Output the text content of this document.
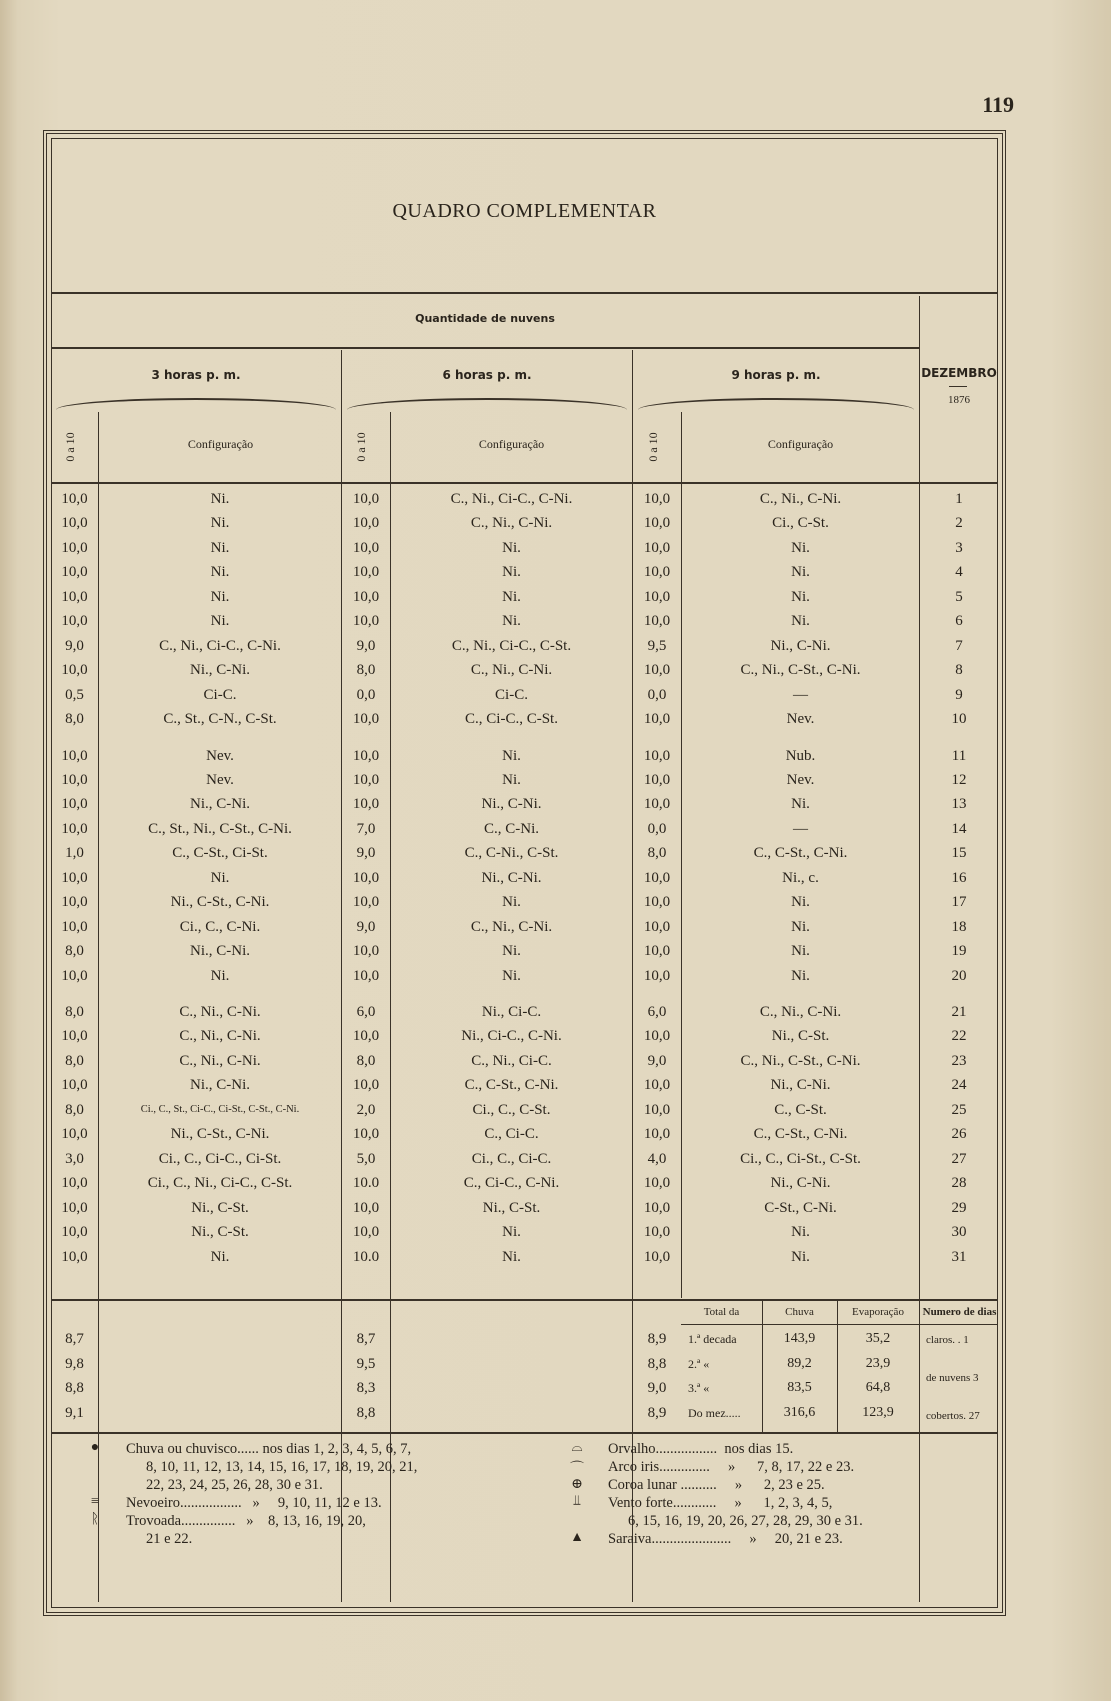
119
QUADRO COMPLEMENTAR
Quantidade de nuvens
3 horas p. m.	6 horas p. m.	9 horas p. m.	DEZEMBRO
1876
0 a 10	Configuração	0 a 10	Configuração	0 a 10	Configuração
10,0	Ni.	10,0	C., Ni., Ci-C., C-Ni.	10,0	C., Ni., C-Ni.	1
10,0	Ni.	10,0	C., Ni., C-Ni.	10,0	Ci., C-St.	2
10,0	Ni.	10,0	Ni.	10,0	Ni.	3
10,0	Ni.	10,0	Ni.	10,0	Ni.	4
10,0	Ni.	10,0	Ni.	10,0	Ni.	5
10,0	Ni.	10,0	Ni.	10,0	Ni.	6
9,0	C., Ni., Ci-C., C-Ni.	9,0	C., Ni., Ci-C., C-St.	9,5	Ni., C-Ni.	7
10,0	Ni., C-Ni.	8,0	C., Ni., C-Ni.	10,0	C., Ni., C-St., C-Ni.	8
0,5	Ci-C.	0,0	Ci-C.	0,0	—	9
8,0	C., St., C-N., C-St.	10,0	C., Ci-C., C-St.	10,0	Nev.	10
10,0	Nev.	10,0	Ni.	10,0	Nub.	11
10,0	Nev.	10,0	Ni.	10,0	Nev.	12
10,0	Ni., C-Ni.	10,0	Ni., C-Ni.	10,0	Ni.	13
10,0	C., St., Ni., C-St., C-Ni.	7,0	C., C-Ni.	0,0	—	14
1,0	C., C-St., Ci-St.	9,0	C., C-Ni., C-St.	8,0	C., C-St., C-Ni.	15
10,0	Ni.	10,0	Ni., C-Ni.	10,0	Ni., c.	16
10,0	Ni., C-St., C-Ni.	10,0	Ni.	10,0	Ni.	17
10,0	Ci., C., C-Ni.	9,0	C., Ni., C-Ni.	10,0	Ni.	18
8,0	Ni., C-Ni.	10,0	Ni.	10,0	Ni.	19
10,0	Ni.	10,0	Ni.	10,0	Ni.	20
8,0	C., Ni., C-Ni.	6,0	Ni., Ci-C.	6,0	C., Ni., C-Ni.	21
10,0	C., Ni., C-Ni.	10,0	Ni., Ci-C., C-Ni.	10,0	Ni., C-St.	22
8,0	C., Ni., C-Ni.	8,0	C., Ni., Ci-C.	9,0	C., Ni., C-St., C-Ni.	23
10,0	Ni., C-Ni.	10,0	C., C-St., C-Ni.	10,0	Ni., C-Ni.	24
8,0	Ci., C., St., Ci-C., Ci-St., C-St., C-Ni.	2,0	Ci., C., C-St.	10,0	C., C-St.	25
10,0	Ni., C-St., C-Ni.	10,0	C., Ci-C.	10,0	C., C-St., C-Ni.	26
3,0	Ci., C., Ci-C., Ci-St.	5,0	Ci., C., Ci-C.	4,0	Ci., C., Ci-St., C-St.	27
10,0	Ci., C., Ni., Ci-C., C-St.	10.0	C., Ci-C., C-Ni.	10,0	Ni., C-Ni.	28
10,0	Ni., C-St.	10,0	Ni., C-St.	10,0	C-St., C-Ni.	29
10,0	Ni., C-St.	10,0	Ni.	10,0	Ni.	30
10,0	Ni.	10.0	Ni.	10,0	Ni.	31
Total da	Chuva	Evaporação	Numero de dias
8,7	8,7	8,9	1.ª decada	143,9	35,2
9,8	9,5	8,8	2.ª «	89,2	23,9
8,8	8,3	9,0	3.ª «	83,5	64,8
9,1	8,8	8,9	Do mez.....	316,6	123,9
claros. . 1
de nuvens 3
cobertos. 27
●	Chuva ou chuvisco...... nos dias 1, 2, 3, 4, 5, 6, 7,
8, 10, 11, 12, 13, 14, 15, 16, 17, 18, 19, 20, 21,
22, 23, 24, 25, 26, 28, 30 e 31.
≡	Nevoeiro.................   »     9, 10, 11, 12 e 13.
ᚱ	Trovoada...............   »    8, 13, 16, 19, 20,
21 e 22.
⌓	Orvalho.................  nos dias 15.
⌒ Arco iris..............     »      7, 8, 17, 22 e 23.
⊕	Coroa lunar ..........     »      2, 23 e 25.
⫫	Vento forte............     »      1, 2, 3, 4, 5,
6, 15, 16, 19, 20, 26, 27, 28, 29, 30 e 31.
▲ Saraiva......................     »     20, 21 e 23.
